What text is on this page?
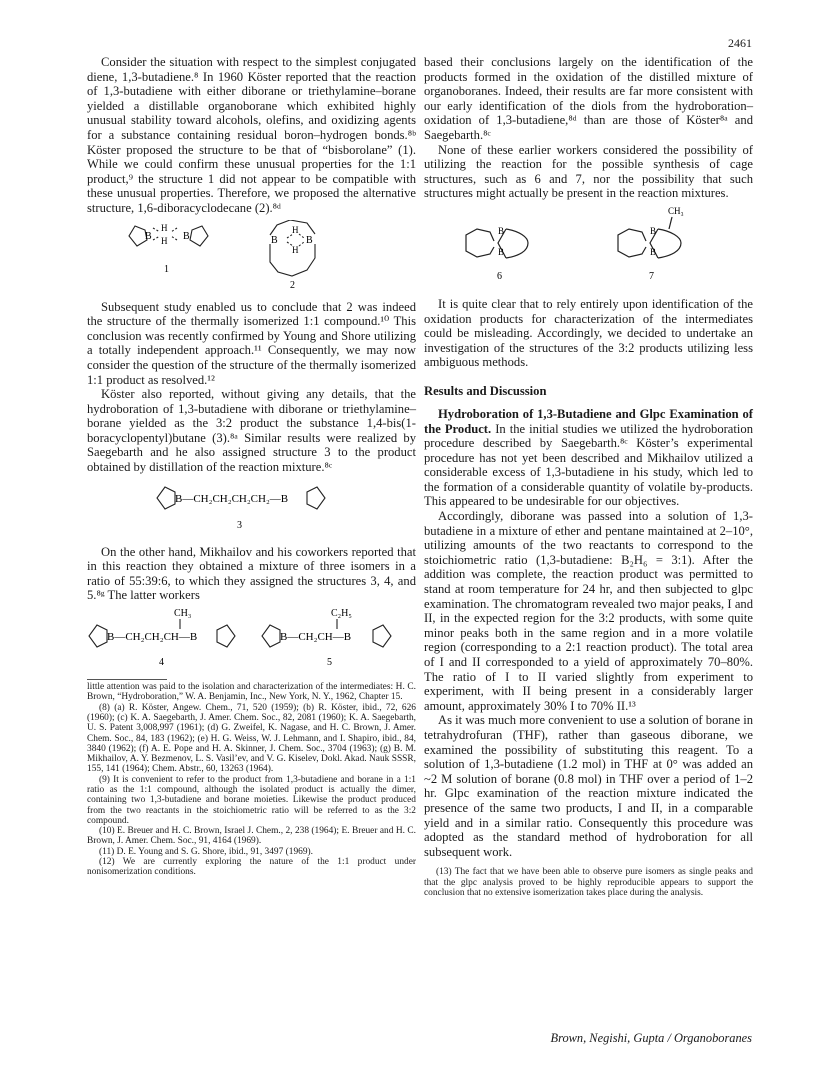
2461

Consider the situation with respect to the simplest conjugated diene, 1,3-butadiene.⁸ In 1960 Köster reported that the reaction of 1,3-butadiene with either diborane or triethylamine–borane yielded a distillable organoborane which exhibited highly unusual stability toward alcohols, olefins, and oxidizing agents for a substance containing residual boron–hydrogen bonds.⁸ᵇ Köster proposed the structure to be that of “bisborolane” (1). While we could confirm these unusual properties for the 1:1 product,⁹ the structure 1 did not appear to be compatible with these unusual properties. Therefore, we proposed the alternative structure, 1,6-diboracyclodecane (2).⁸ᵈ

B	B
H
H
1
B	B
H
H
2

Subsequent study enabled us to conclude that 2 was indeed the structure of the thermally isomerized 1:1 compound.¹⁰ This conclusion was recently confirmed by Young and Shore utilizing a totally independent approach.¹¹ Consequently, we may now consider the question of the structure of the thermally isomerized 1:1 product as resolved.¹²

Köster also reported, without giving any details, that the hydroboration of 1,3-butadiene with diborane or triethylamine–borane yielded as the 3:2 product the substance 1,4-bis(1-boracyclopentyl)butane (3).⁸ᵃ Similar results were realized by Saegebarth and he also assigned structure 3 to the product obtained by distillation of the reaction mixture.⁸ᶜ

B—CH₂CH₂CH₂CH₂—B
3

On the other hand, Mikhailov and his coworkers reported that in this reaction they obtained a mixture of three isomers in a ratio of 55:39:6, to which they assigned the structures 3, 4, and 5.⁸ᵍ The latter workers

CH₃
B—CH₂CH₂CH—B
4
C₂H₅
B—CH₂CH—B
5

little attention was paid to the isolation and characterization of the intermediates: H. C. Brown, “Hydroboration,” W. A. Benjamin, Inc., New York, N. Y., 1962, Chapter 15.

(8) (a) R. Köster, Angew. Chem., 71, 520 (1959); (b) R. Köster, ibid., 72, 626 (1960); (c) K. A. Saegebarth, J. Amer. Chem. Soc., 82, 2081 (1960); K. A. Saegebarth, U. S. Patent 3,008,997 (1961); (d) G. Zweifel, K. Nagase, and H. C. Brown, J. Amer. Chem. Soc., 84, 183 (1962); (e) H. G. Weiss, W. J. Lehmann, and I. Shapiro, ibid., 84, 3840 (1962); (f) A. E. Pope and H. A. Skinner, J. Chem. Soc., 3704 (1963); (g) B. M. Mikhailov, A. Y. Bezmenov, L. S. Vasil’ev, and V. G. Kiselev, Dokl. Akad. Nauk SSSR, 155, 141 (1964); Chem. Abstr., 60, 13263 (1964).

(9) It is convenient to refer to the product from 1,3-butadiene and borane in a 1:1 ratio as the 1:1 compound, although the isolated product is actually the dimer, containing two 1,3-butadiene and borane moieties. Likewise the product produced from the two reactants in the stoichiometric ratio will be referred to as the 3:2 compound.

(10) E. Breuer and H. C. Brown, Israel J. Chem., 2, 238 (1964); E. Breuer and H. C. Brown, J. Amer. Chem. Soc., 91, 4164 (1969).

(11) D. E. Young and S. G. Shore, ibid., 91, 3497 (1969).

(12) We are currently exploring the nature of the 1:1 product under nonisomerization conditions.

based their conclusions largely on the identification of the products formed in the oxidation of the distilled mixture of organoboranes. Indeed, their results are far more consistent with our early identification of the diols from the hydroboration–oxidation of 1,3-butadiene,⁸ᵈ than are those of Köster⁸ᵃ and Saegebarth.⁸ᶜ

None of these earlier workers considered the possibility of utilizing the reaction for the possible synthesis of cage structures, such as 6 and 7, nor the possibility that such structures might actually be present in the reaction mixtures.

B
B
B
B
CH₃
6	7

It is quite clear that to rely entirely upon identification of the oxidation products for characterization of the intermediates could be misleading. Accordingly, we decided to undertake an investigation of the structures of the 3:2 products utilizing less ambiguous methods.

Results and Discussion

Hydroboration of 1,3-Butadiene and Glpc Examination of the Product. In the initial studies we utilized the hydroboration procedure described by Saegebarth.⁸ᶜ Köster’s experimental procedure has not yet been described and Mikhailov utilized a considerable excess of 1,3-butadiene in his study, which led to the formation of a considerable quantity of volatile by-products. This appeared to be undesirable for our objectives.

Accordingly, diborane was passed into a solution of 1,3-butadiene in a mixture of ether and pentane maintained at 2–10°, utilizing amounts of the two reactants to correspond to the stoichiometric ratio (1,3-butadiene: B₂H₆ = 3:1). After the addition was complete, the reaction product was permitted to stand at room temperature for 24 hr, and then subjected to glpc examination. The chromatogram revealed two major peaks, I and II, in the expected region for the 3:2 products, with some quite minor peaks both in the same region and in a more volatile region (corresponding to a 2:1 reaction product). The total area of I and II corresponded to a yield of approximately 70–80%. The ratio of I to II varied slightly from experiment to experiment, with II being present in a considerably larger amount, approximately 30% I to 70% II.¹³

As it was much more convenient to use a solution of borane in tetrahydrofuran (THF), rather than gaseous diborane, we examined the possibility of substituting this reagent. To a solution of 1,3-butadiene (1.2 mol) in THF at 0° was added an ~2 M solution of borane (0.8 mol) in THF over a period of 1–2 hr. Glpc examination of the reaction mixture indicated the presence of the same two products, I and II, in a comparable yield and in a similar ratio. Consequently this procedure was adopted as the standard method of hydroboration for all subsequent work.

(13) The fact that we have been able to observe pure isomers as single peaks and that the glpc analysis proved to be highly reproducible appears to support the conclusion that no extensive isomerization takes place during the analysis.

Brown, Negishi, Gupta / Organoboranes
